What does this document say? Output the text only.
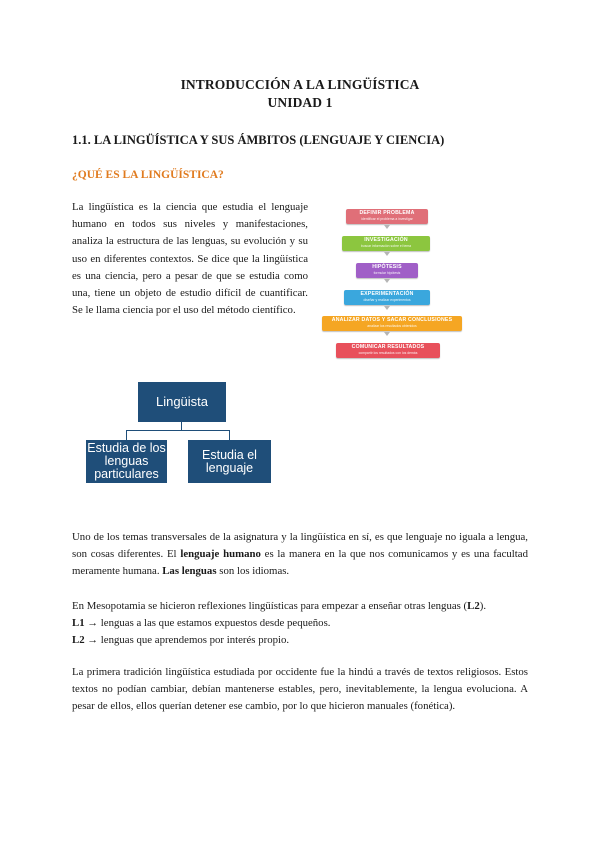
INTRODUCCIÓN A LA LINGÜÍSTICA
UNIDAD 1
1.1. LA LINGÜÍSTICA Y SUS ÁMBITOS (LENGUAJE Y CIENCIA)
¿QUÉ ES LA LINGÜÍSTICA?
La lingüística es la ciencia que estudia el lenguaje humano en todos sus niveles y manifestaciones, analiza la estructura de las lenguas, su evolución y su uso en diferentes contextos. Se dice que la lingüística es una ciencia, pero a pesar de que se estudia como una, tiene un objeto de estudio difícil de cuantificar. Se le llama ciencia por el uso del método científico.
DEFINIR PROBLEMA
identificar el problema a investigar
INVESTIGACIÓN
buscar información sobre el tema
HIPÓTESIS
formular hipótesis
EXPERIMENTACIÓN
diseñar y realizar experimentos
ANALIZAR DATOS Y SACAR CONCLUSIONES
analizar los resultados obtenidos
COMUNICAR RESULTADOS
compartir los resultados con los demás
Lingüista
Estudia de los lenguas particulares
Estudia el lenguaje
Uno de los temas transversales de la asignatura y la lingüística en sí, es que lenguaje no iguala a lengua, son cosas diferentes. El lenguaje humano es la manera en la que nos comunicamos y es una facultad meramente humana. Las lenguas son los idiomas.
En Mesopotamia se hicieron reflexiones lingüísticas para empezar a enseñar otras lenguas (L2).
L1 → lenguas a las que estamos expuestos desde pequeños.
L2 → lenguas que aprendemos por interés propio.
La primera tradición lingüística estudiada por occidente fue la hindú a través de textos religiosos. Estos textos no podían cambiar, debían mantenerse estables, pero, inevitablemente, la lengua evoluciona. A pesar de ellos, ellos querían detener ese cambio, por lo que hicieron manuales (fonética).
